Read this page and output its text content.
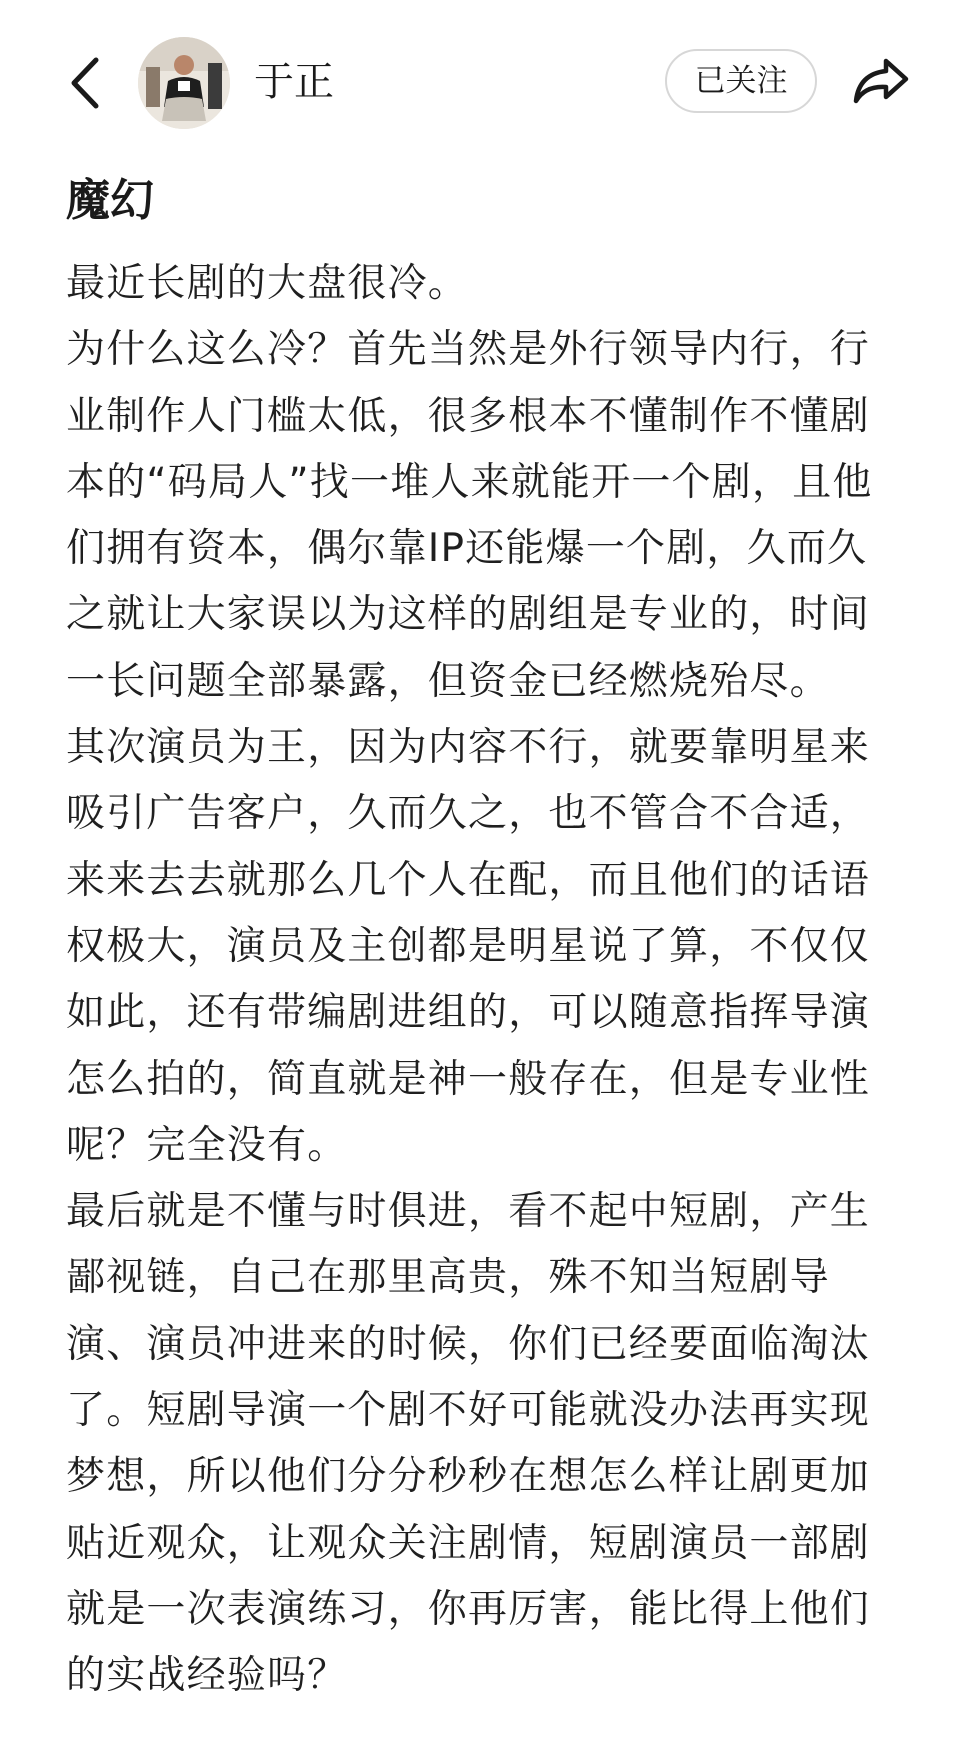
于正	已关注
魔幻

最近长剧的大盘很冷。

为什么这么冷？首先当然是外行领导内行，行业制作人门槛太低，很多根本不懂制作不懂剧本的“码局人”找一堆人来就能开一个剧，且他们拥有资本，偶尔靠IP还能爆一个剧，久而久之就让大家误以为这样的剧组是专业的，时间一长问题全部暴露，但资金已经燃烧殆尽。

其次演员为王，因为内容不行，就要靠明星来吸引广告客户，久而久之，也不管合不合适，来来去去就那么几个人在配，而且他们的话语权极大，演员及主创都是明星说了算，不仅仅如此，还有带编剧进组的，可以随意指挥导演怎么拍的，简直就是神一般存在，但是专业性呢？完全没有。

最后就是不懂与时俱进，看不起中短剧，产生鄙视链，自己在那里高贵，殊不知当短剧导演、演员冲进来的时候，你们已经要面临淘汰了。短剧导演一个剧不好可能就没办法再实现梦想，所以他们分分秒秒在想怎么样让剧更加贴近观众，让观众关注剧情，短剧演员一部剧就是一次表演练习，你再厉害，能比得上他们的实战经验吗？
